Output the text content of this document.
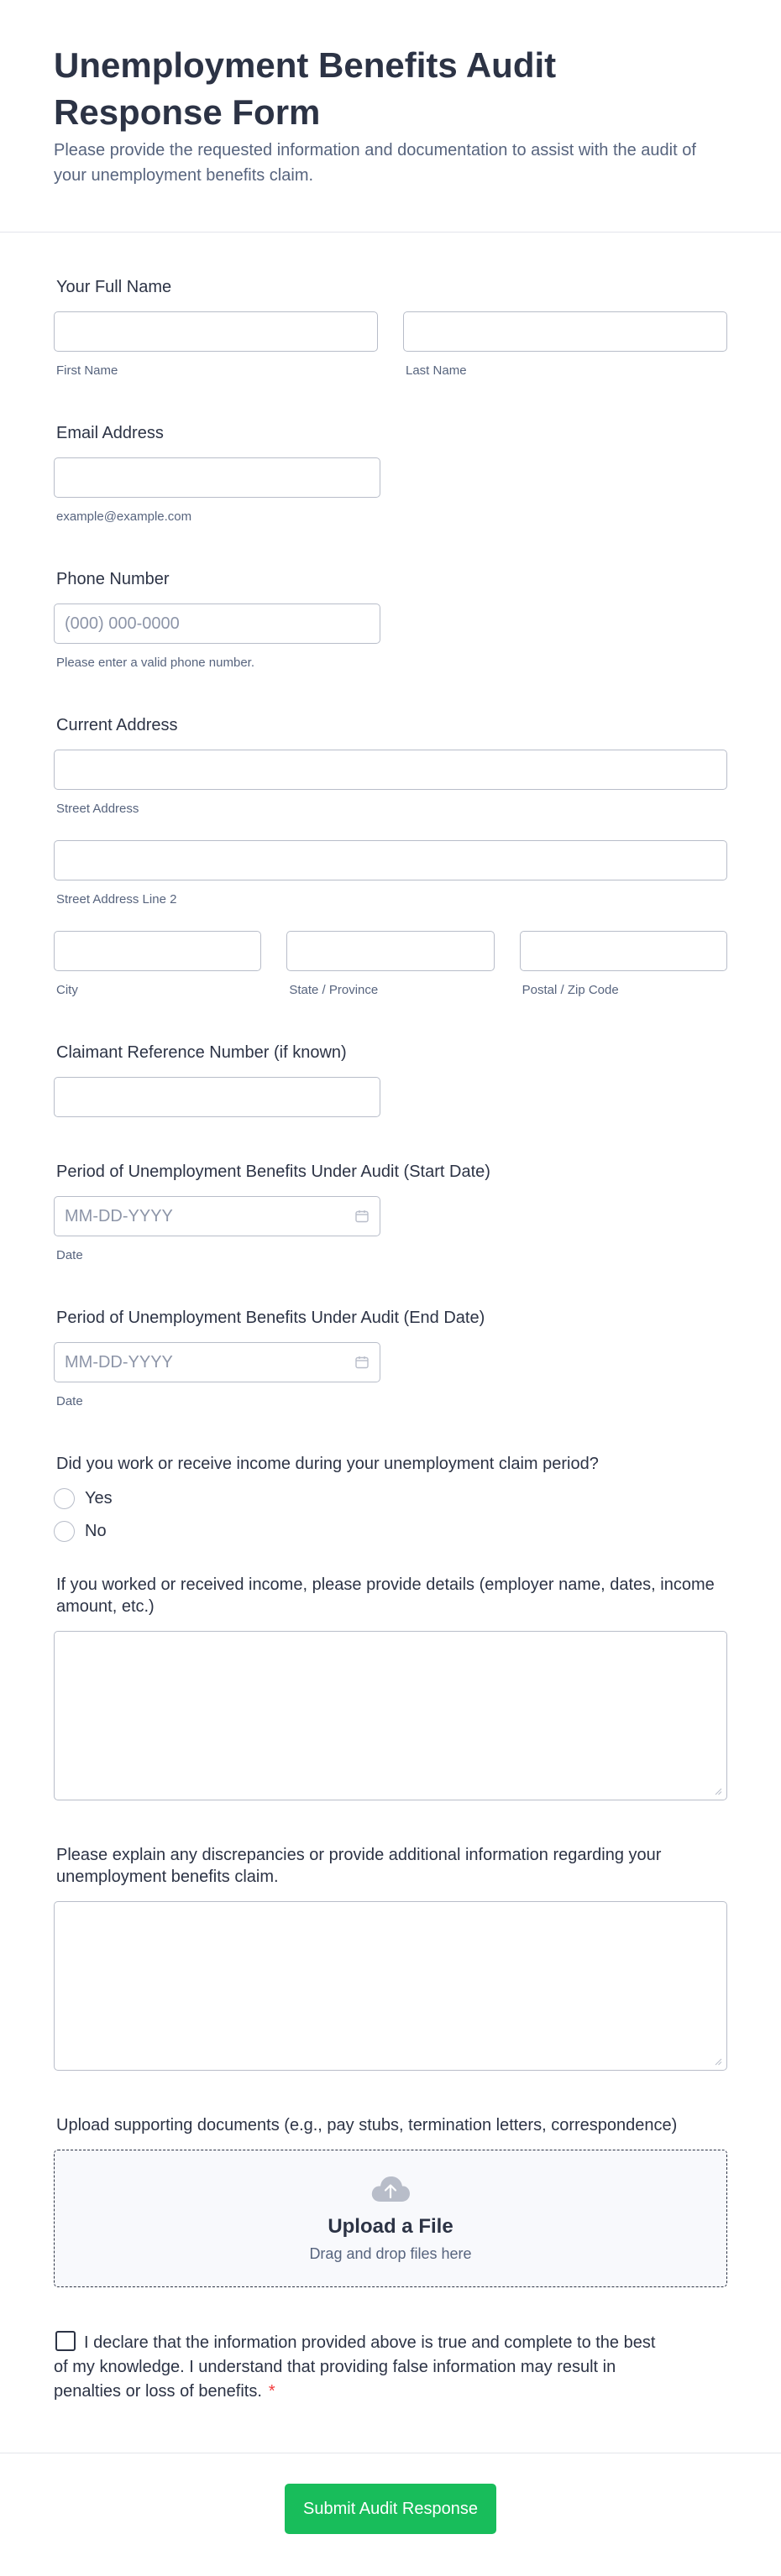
Unemployment Benefits Audit Response Form

Please provide the requested information and documentation to assist with the audit of your unemployment benefits claim.

Your Full Name
First Name	Last Name
Email Address
example@example.com
Phone Number
(000) 000-0000
Please enter a valid phone number.
Current Address
Street Address
Street Address Line 2
City	State / Province	Postal / Zip Code
Claimant Reference Number (if known)
Period of Unemployment Benefits Under Audit (Start Date)
MM-DD-YYYY
Date
Period of Unemployment Benefits Under Audit (End Date)
MM-DD-YYYY
Date
Did you work or receive income during your unemployment claim period?
Yes
No
If you worked or received income, please provide details (employer name, dates, income amount, etc.)
Please explain any discrepancies or provide additional information regarding your unemployment benefits claim.
Upload supporting documents (e.g., pay stubs, termination letters, correspondence)
Upload a File
Drag and drop files here
I declare that the information provided above is true and complete to the best of my knowledge. I understand that providing false information may result in penalties or loss of benefits. *
Submit Audit Response
